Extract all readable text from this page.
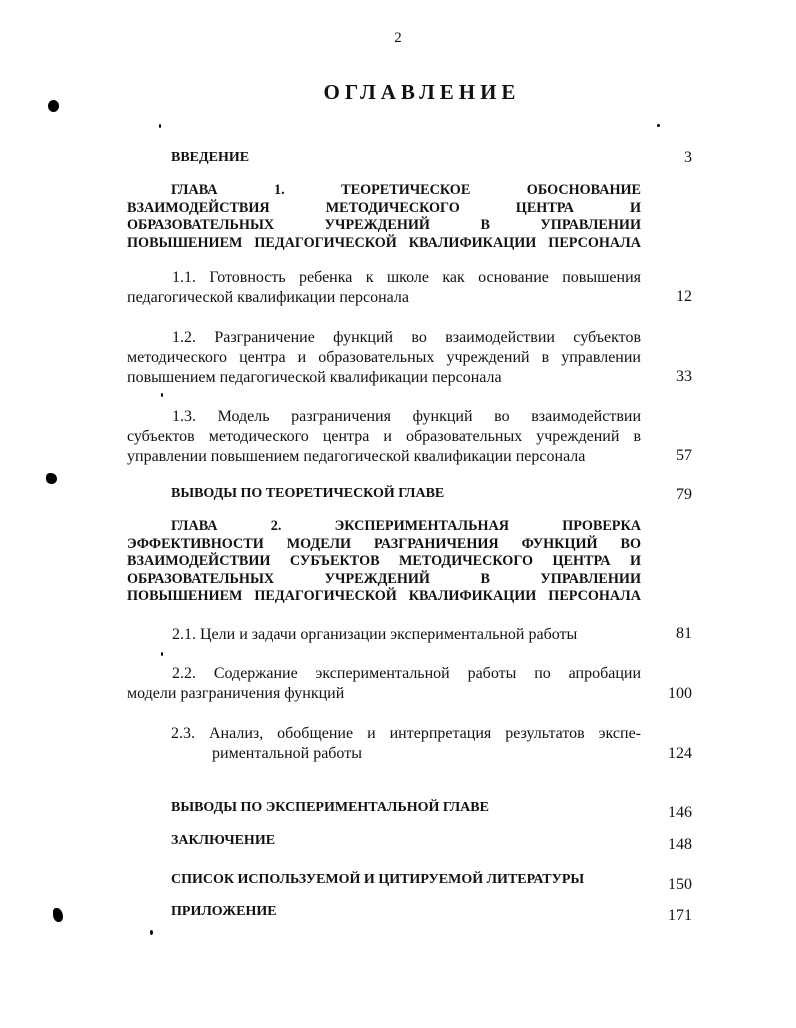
2
ОГЛАВЛЕНИЕ
ВВЕДЕНИЕ	3
ГЛАВА 1. ТЕОРЕТИЧЕСКОЕ ОБОСНОВАНИЕ
ВЗАИМОДЕЙСТВИЯ МЕТОДИЧЕСКОГО ЦЕНТРА И
ОБРАЗОВАТЕЛЬНЫХ УЧРЕЖДЕНИЙ В УПРАВЛЕНИИ
ПОВЫШЕНИЕМ ПЕДАГОГИЧЕСКОЙ КВАЛИФИКАЦИИ ПЕРСОНАЛА
1.1. Готовность ребенка к школе как основание повышения
педагогической квалификации персонала	12
1.2. Разграничение функций во взаимодействии субъектов
методического центра и образовательных учреждений в управлении
повышением педагогической квалификации персонала	33
1.3. Модель разграничения функций во взаимодействии
субъектов методического центра и образовательных учреждений в
управлении повышением педагогической квалификации персонала	57
ВЫВОДЫ ПО ТЕОРЕТИЧЕСКОЙ ГЛАВЕ	79
ГЛАВА 2. ЭКСПЕРИМЕНТАЛЬНАЯ ПРОВЕРКА
ЭФФЕКТИВНОСТИ МОДЕЛИ РАЗГРАНИЧЕНИЯ ФУНКЦИЙ ВО
ВЗАИМОДЕЙСТВИИ СУБЪЕКТОВ МЕТОДИЧЕСКОГО ЦЕНТРА И
ОБРАЗОВАТЕЛЬНЫХ УЧРЕЖДЕНИЙ В УПРАВЛЕНИИ
ПОВЫШЕНИЕМ ПЕДАГОГИЧЕСКОЙ КВАЛИФИКАЦИИ ПЕРСОНАЛА
2.1. Цели и задачи организации экспериментальной работы	81
2.2. Содержание экспериментальной работы по апробации
модели разграничения функций	100
2.3. Анализ, обобщение и интерпретация результатов экспе-
риментальной работы	124
ВЫВОДЫ ПО ЭКСПЕРИМЕНТАЛЬНОЙ ГЛАВЕ	146
ЗАКЛЮЧЕНИЕ	148
СПИСОК ИСПОЛЬЗУЕМОЙ И ЦИТИРУЕМОЙ ЛИТЕРАТУРЫ	150
ПРИЛОЖЕНИЕ	171
